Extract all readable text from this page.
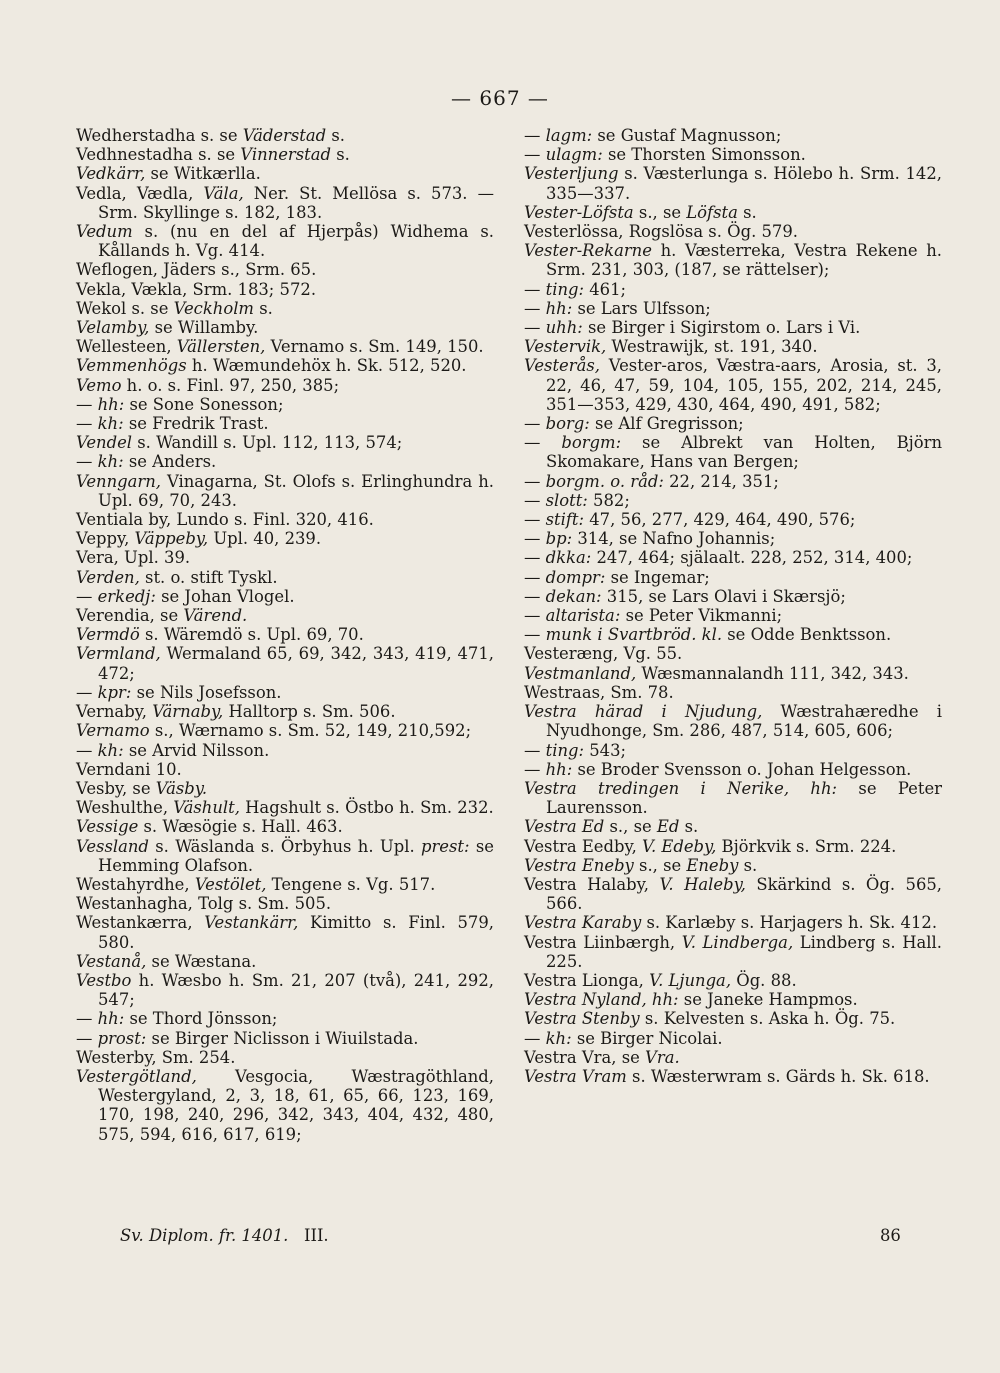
— 667 —

Wedherstadha s. se Väderstad s.

Vedhnestadha s. se Vinnerstad s.

Vedkärr, se Witkærlla.

Vedla, Vædla, Väla, Ner. St. Mellösa s. 573. — Srm. Skyllinge s. 182, 183.

Vedum s. (nu en del af Hjerpås) Widhema s. Kållands h. Vg. 414.

Weflogen, Jäders s., Srm. 65.

Vekla, Vækla, Srm. 183; 572.

Wekol s. se Veckholm s.

Velamby, se Willamby.

Wellesteen, Vällersten, Vernamo s. Sm. 149, 150.

Vemmenhögs h. Wæmundehöx h. Sk. 512, 520.

Vemo h. o. s. Finl. 97, 250, 385;

— hh: se Sone Sonesson;

— kh: se Fredrik Trast.

Vendel s. Wandill s. Upl. 112, 113, 574;

— kh: se Anders.

Venngarn, Vinagarna, St. Olofs s. Erlinghundra h. Upl. 69, 70, 243.

Ventiala by, Lundo s. Finl. 320, 416.

Veppy, Väppeby, Upl. 40, 239.

Vera, Upl. 39.

Verden, st. o. stift Tyskl.

— erkedj: se Johan Vlogel.

Verendia, se Värend.

Vermdö s. Wäremdö s. Upl. 69, 70.

Vermland, Wermaland 65, 69, 342, 343, 419, 471, 472;

— kpr: se Nils Josefsson.

Vernaby, Värnaby, Halltorp s. Sm. 506.

Vernamo s., Wærnamo s. Sm. 52, 149, 210,592;

— kh: se Arvid Nilsson.

Verndani 10.

Vesby, se Väsby.

Weshulthe, Väshult, Hagshult s. Östbo h. Sm. 232.

Vessige s. Wæsögie s. Hall. 463.

Vessland s. Wäslanda s. Örbyhus h. Upl. prest: se Hemming Olafson.

Westahyrdhe, Vestölet, Tengene s. Vg. 517.

Westanhagha, Tolg s. Sm. 505.

Westankærra, Vestankärr, Kimitto s. Finl. 579, 580.

Vestanå, se Wæstana.

Vestbo h. Wæsbo h. Sm. 21, 207 (två), 241, 292, 547;

— hh: se Thord Jönsson;

— prost: se Birger Niclisson i Wiuilstada.

Westerby, Sm. 254.

Vestergötland, Vesgocia, Wæstragöthland, Westergyland, 2, 3, 18, 61, 65, 66, 123, 169, 170, 198, 240, 296, 342, 343, 404, 432, 480, 575, 594, 616, 617, 619;

— lagm: se Gustaf Magnusson;

— ulagm: se Thorsten Simonsson.

Vesterljung s. Væsterlunga s. Hölebo h. Srm. 142, 335—337.

Vester-Löfsta s., se Löfsta s.

Vesterlössa, Rogslösa s. Ög. 579.

Vester-Rekarne h. Væsterreka, Vestra Rekene h. Srm. 231, 303, (187, se rättelser);

— ting: 461;

— hh: se Lars Ulfsson;

— uhh: se Birger i Sigirstom o. Lars i Vi.

Vestervik, Westrawijk, st. 191, 340.

Vesterås, Vester-aros, Væstra-aars, Arosia, st. 3, 22, 46, 47, 59, 104, 105, 155, 202, 214, 245, 351—353, 429, 430, 464, 490, 491, 582;

— borg: se Alf Gregrisson;

— borgm: se Albrekt van Holten, Björn Skomakare, Hans van Bergen;

— borgm. o. råd: 22, 214, 351;

— slott: 582;

— stift: 47, 56, 277, 429, 464, 490, 576;

— bp: 314, se Nafno Johannis;

— dkka: 247, 464; själaalt. 228, 252, 314, 400;

— dompr: se Ingemar;

— dekan: 315, se Lars Olavi i Skærsjö;

— altarista: se Peter Vikmanni;

— munk i Svartbröd. kl. se Odde Benktsson.

Vesteræng, Vg. 55.

Vestmanland, Wæsmannalandh 111, 342, 343.

Westraas, Sm. 78.

Vestra härad i Njudung, Wæstrahæredhe i Nyudhonge, Sm. 286, 487, 514, 605, 606;

— ting: 543;

— hh: se Broder Svensson o. Johan Helgesson.

Vestra tredingen i Nerike, hh: se Peter Laurensson.

Vestra Ed s., se Ed s.

Vestra Eedby, V. Edeby, Björkvik s. Srm. 224.

Vestra Eneby s., se Eneby s.

Vestra Halaby, V. Haleby, Skärkind s. Ög. 565, 566.

Vestra Karaby s. Karlæby s. Harjagers h. Sk. 412.

Vestra Liinbærgh, V. Lindberga, Lindberg s. Hall. 225.

Vestra Lionga, V. Ljunga, Ög. 88.

Vestra Nyland, hh: se Janeke Hampmos.

Vestra Stenby s. Kelvesten s. Aska h. Ög. 75.

— kh: se Birger Nicolai.

Vestra Vra, se Vra.

Vestra Vram s. Wæsterwram s. Gärds h. Sk. 618.

Sv. Diplom. fr. 1401. III.	86
